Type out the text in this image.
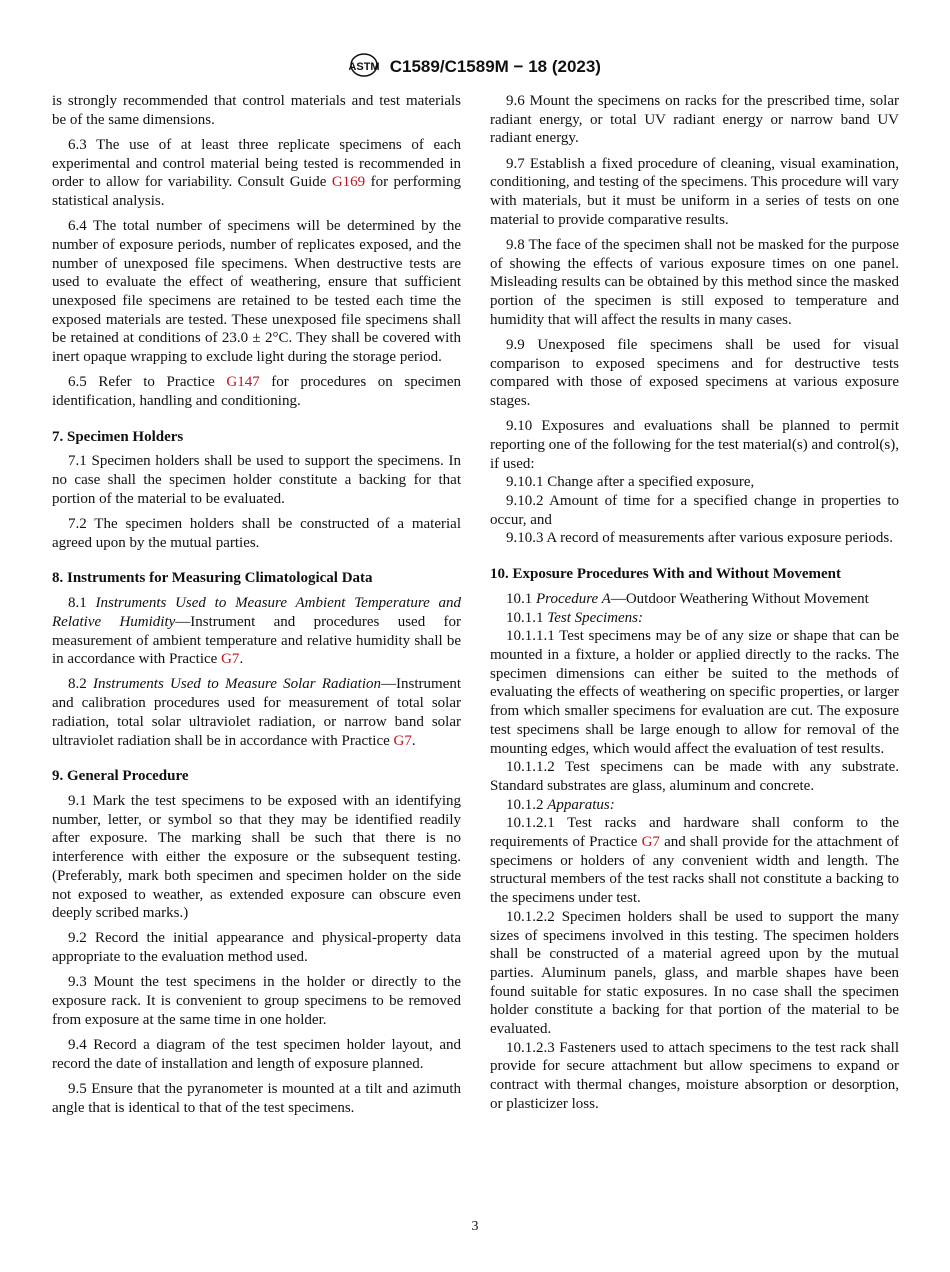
ASTM C1589/C1589M − 18 (2023)

is strongly recommended that control materials and test materials be of the same dimensions.

6.3 The use of at least three replicate specimens of each experimental and control material being tested is recommended in order to allow for variability. Consult Guide G169 for performing statistical analysis.

6.4 The total number of specimens will be determined by the number of exposure periods, number of replicates exposed, and the number of unexposed file specimens. When destructive tests are used to evaluate the effect of weathering, ensure that sufficient unexposed file specimens are retained to be tested each time the exposed materials are tested. These unexposed file specimens shall be retained at conditions of 23.0 ± 2°C. They shall be covered with inert opaque wrapping to exclude light during the storage period.

6.5 Refer to Practice G147 for procedures on specimen identification, handling and conditioning.

7. Specimen Holders

7.1 Specimen holders shall be used to support the specimens. In no case shall the specimen holder constitute a backing for that portion of the material to be evaluated.

7.2 The specimen holders shall be constructed of a material agreed upon by the mutual parties.

8. Instruments for Measuring Climatological Data

8.1 Instruments Used to Measure Ambient Temperature and Relative Humidity—Instrument and procedures used for measurement of ambient temperature and relative humidity shall be in accordance with Practice G7.

8.2 Instruments Used to Measure Solar Radiation—Instrument and calibration procedures used for measurement of total solar radiation, total solar ultraviolet radiation, or narrow band solar ultraviolet radiation shall be in accordance with Practice G7.

9. General Procedure

9.1 Mark the test specimens to be exposed with an identifying number, letter, or symbol so that they may be identified readily after exposure. The marking shall be such that there is no interference with either the exposure or the subsequent testing. (Preferably, mark both specimen and specimen holder on the side not exposed to weather, as extended exposure can obscure even deeply scribed marks.)

9.2 Record the initial appearance and physical-property data appropriate to the evaluation method used.

9.3 Mount the test specimens in the holder or directly to the exposure rack. It is convenient to group specimens to be removed from exposure at the same time in one holder.

9.4 Record a diagram of the test specimen holder layout, and record the date of installation and length of exposure planned.

9.5 Ensure that the pyranometer is mounted at a tilt and azimuth angle that is identical to that of the test specimens.

9.6 Mount the specimens on racks for the prescribed time, solar radiant energy, or total UV radiant energy or narrow band UV radiant energy.

9.7 Establish a fixed procedure of cleaning, visual examination, conditioning, and testing of the specimens. This procedure will vary with materials, but it must be uniform in a series of tests on one material to provide comparative results.

9.8 The face of the specimen shall not be masked for the purpose of showing the effects of various exposure times on one panel. Misleading results can be obtained by this method since the masked portion of the specimen is still exposed to temperature and humidity that will affect the results in many cases.

9.9 Unexposed file specimens shall be used for visual comparison to exposed specimens and for destructive tests compared with those of exposed specimens at various exposure stages.

9.10 Exposures and evaluations shall be planned to permit reporting one of the following for the test material(s) and control(s), if used:

9.10.1 Change after a specified exposure,

9.10.2 Amount of time for a specified change in properties to occur, and

9.10.3 A record of measurements after various exposure periods.

10. Exposure Procedures With and Without Movement

10.1 Procedure A—Outdoor Weathering Without Movement

10.1.1 Test Specimens:

10.1.1.1 Test specimens may be of any size or shape that can be mounted in a fixture, a holder or applied directly to the racks. The specimen dimensions can either be suited to the methods of evaluating the effects of weathering on specific properties, or larger from which smaller specimens for evaluation are cut. The exposure test specimens shall be large enough to allow for removal of the mounting edges, which would affect the evaluation of test results.

10.1.1.2 Test specimens can be made with any substrate. Standard substrates are glass, aluminum and concrete.

10.1.2 Apparatus:

10.1.2.1 Test racks and hardware shall conform to the requirements of Practice G7 and shall provide for the attachment of specimens or holders of any convenient width and length. The structural members of the test racks shall not constitute a backing to the specimens under test.

10.1.2.2 Specimen holders shall be used to support the many sizes of specimens involved in this testing. The specimen holders shall be constructed of a material agreed upon by the mutual parties. Aluminum panels, glass, and marble shapes have been found suitable for static exposures. In no case shall the specimen holder constitute a backing for that portion of the material to be evaluated.

10.1.2.3 Fasteners used to attach specimens to the test rack shall provide for secure attachment but allow specimens to expand or contract with thermal changes, moisture absorption or desorption, or plasticizer loss.

3
